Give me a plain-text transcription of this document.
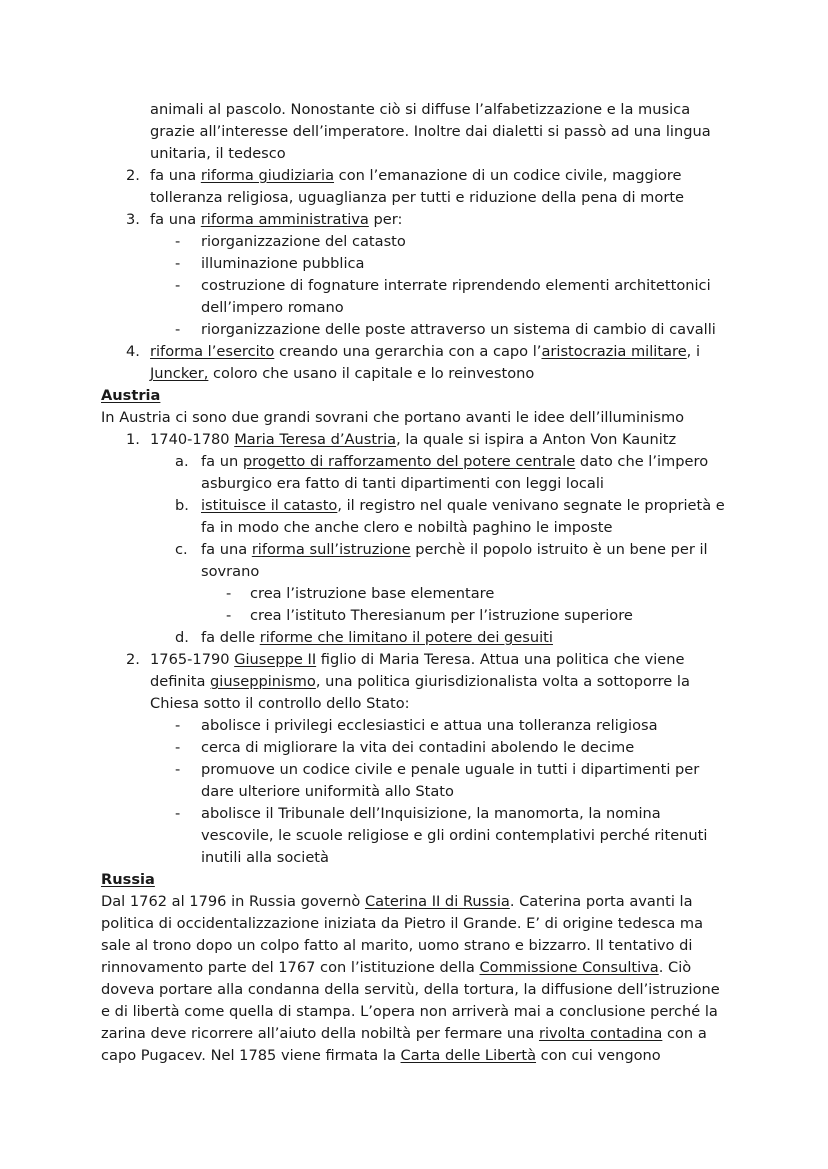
animali al pascolo. Nonostante ciò si diffuse l’alfabetizzazione e la musica
grazie all’interesse dell’imperatore. Inoltre dai dialetti si passò ad una lingua
unitaria, il tedesco
2. fa una riforma giudiziaria con l’emanazione di un codice civile, maggiore
tolleranza religiosa, uguaglianza per tutti e riduzione della pena di morte
3. fa una riforma amministrativa per:
- riorganizzazione del catasto
- illuminazione pubblica
- costruzione di fognature interrate riprendendo elementi architettonici
dell’impero romano
- riorganizzazione delle poste attraverso un sistema di cambio di cavalli
4. riforma l’esercito creando una gerarchia con a capo l’aristocrazia militare, i
Juncker, coloro che usano il capitale e lo reinvestono
Austria
In Austria ci sono due grandi sovrani che portano avanti le idee dell’illuminismo
1. 1740-1780 Maria Teresa d’Austria, la quale si ispira a Anton Von Kaunitz
a. fa un progetto di rafforzamento del potere centrale dato che l’impero
asburgico era fatto di tanti dipartimenti con leggi locali
b. istituisce il catasto, il registro nel quale venivano segnate le proprietà e
fa in modo che anche clero e nobiltà paghino le imposte
c. fa una riforma sull’istruzione perchè il popolo istruito è un bene per il
sovrano
- crea l’istruzione base elementare
- crea l’istituto Theresianum per l’istruzione superiore
d. fa delle riforme che limitano il potere dei gesuiti
2. 1765-1790 Giuseppe II figlio di Maria Teresa. Attua una politica che viene
definita giuseppinismo, una politica giurisdizionalista volta a sottoporre la
Chiesa sotto il controllo dello Stato:
- abolisce i privilegi ecclesiastici e attua una tolleranza religiosa
- cerca di migliorare la vita dei contadini abolendo le decime
- promuove un codice civile e penale uguale in tutti i dipartimenti per
dare ulteriore uniformità allo Stato
- abolisce il Tribunale dell’Inquisizione, la manomorta, la nomina
vescovile, le scuole religiose e gli ordini contemplativi perché ritenuti
inutili alla società
Russia
Dal 1762 al 1796 in Russia governò Caterina II di Russia. Caterina porta avanti la
politica di occidentalizzazione iniziata da Pietro il Grande. E’ di origine tedesca ma
sale al trono dopo un colpo fatto al marito, uomo strano e bizzarro. Il tentativo di
rinnovamento parte del 1767 con l’istituzione della Commissione Consultiva. Ciò
doveva portare alla condanna della servitù, della tortura, la diffusione dell’istruzione
e di libertà come quella di stampa. L’opera non arriverà mai a conclusione perché la
zarina deve ricorrere all’aiuto della nobiltà per fermare una rivolta contadina con a
capo Pugacev. Nel 1785 viene firmata la Carta delle Libertà con cui vengono
